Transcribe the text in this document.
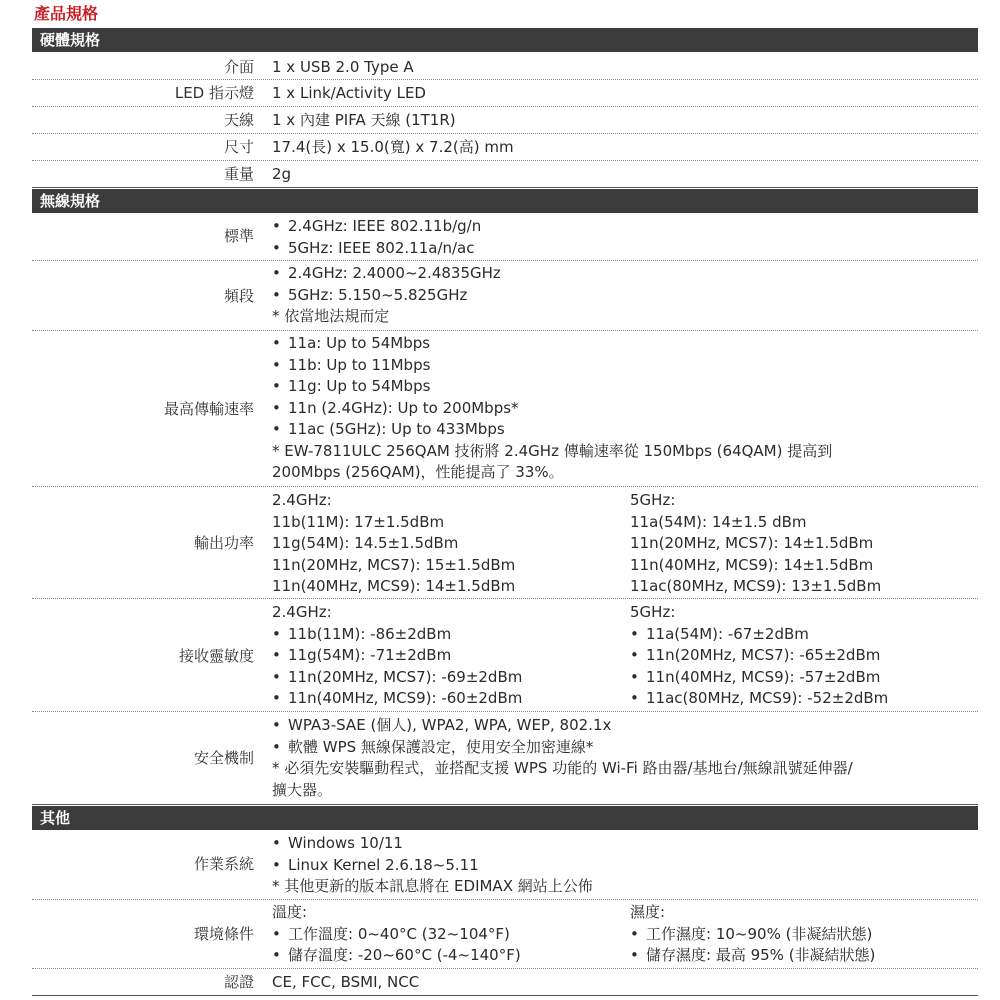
產品規格
硬體規格
介面 1 x USB 2.0 Type A
LED 指示燈 1 x Link/Activity LED
天線 1 x 內建 PIFA 天線 (1T1R)
尺寸 17.4(長) x 15.0(寬) x 7.2(高) mm
重量 2g
無線規格
標準
• 2.4GHz: IEEE 802.11b/g/n
• 5GHz: IEEE 802.11a/n/ac
頻段
• 2.4GHz: 2.4000~2.4835GHz
• 5GHz: 5.150~5.825GHz
* 依當地法規而定
最高傳輸速率
• 11a: Up to 54Mbps
• 11b: Up to 11Mbps
• 11g: Up to 54Mbps
• 11n (2.4GHz): Up to 200Mbps*
• 11ac (5GHz): Up to 433Mbps
* EW-7811ULC 256QAM 技術將 2.4GHz 傳輸速率從 150Mbps (64QAM) 提高到
200Mbps (256QAM)，性能提高了 33%。
輸出功率
2.4GHz:
11b(11M): 17±1.5dBm
11g(54M): 14.5±1.5dBm
11n(20MHz, MCS7): 15±1.5dBm
11n(40MHz, MCS9): 14±1.5dBm
5GHz:
11a(54M): 14±1.5 dBm
11n(20MHz, MCS7): 14±1.5dBm
11n(40MHz, MCS9): 14±1.5dBm
11ac(80MHz, MCS9): 13±1.5dBm
接收靈敏度
2.4GHz:
• 11b(11M): -86±2dBm
• 11g(54M): -71±2dBm
• 11n(20MHz, MCS7): -69±2dBm
• 11n(40MHz, MCS9): -60±2dBm
5GHz:
• 11a(54M): -67±2dBm
• 11n(20MHz, MCS7): -65±2dBm
• 11n(40MHz, MCS9): -57±2dBm
• 11ac(80MHz, MCS9): -52±2dBm
安全機制
• WPA3-SAE (個人), WPA2, WPA, WEP, 802.1x
• 軟體 WPS 無線保護設定，使用安全加密連線*
* 必須先安裝驅動程式，並搭配支援 WPS 功能的 Wi-Fi 路由器/基地台/無線訊號延伸器/
擴大器。
其他
作業系統
• Windows 10/11
• Linux Kernel 2.6.18~5.11
* 其他更新的版本訊息將在 EDIMAX 網站上公佈
環境條件
溫度:
• 工作溫度: 0~40°C (32~104°F)
• 儲存溫度: -20~60°C (-4~140°F)
濕度:
• 工作濕度: 10~90% (非凝結狀態)
• 儲存濕度: 最高 95% (非凝結狀態)
認證 CE, FCC, BSMI, NCC
